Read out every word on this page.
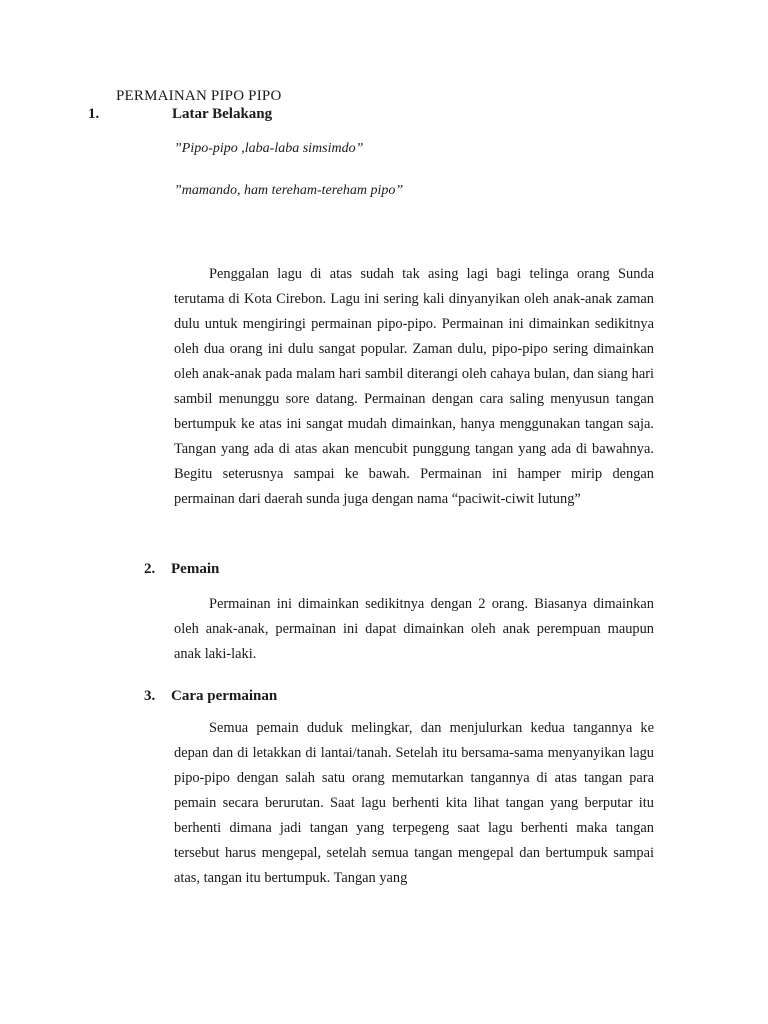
PERMAINAN PIPO PIPO
1.	Latar Belakang
”Pipo-pipo ,laba-laba simsimdo”
”mamando, ham tereham-tereham pipo”

Penggalan lagu di atas sudah tak asing lagi bagi telinga orang Sunda terutama di Kota Cirebon. Lagu ini sering kali dinyanyikan oleh anak-anak zaman dulu untuk mengiringi permainan pipo-pipo. Permainan ini dimainkan sedikitnya oleh dua orang ini dulu sangat popular. Zaman dulu, pipo-pipo sering dimainkan oleh anak-anak pada malam hari sambil diterangi oleh cahaya bulan, dan siang hari sambil menunggu sore datang. Permainan dengan cara saling menyusun tangan bertumpuk ke atas ini sangat mudah dimainkan, hanya menggunakan tangan saja. Tangan yang ada di atas akan mencubit punggung tangan yang ada di bawahnya. Begitu seterusnya sampai ke bawah. Permainan ini hamper mirip dengan permainan dari daerah sunda juga dengan nama “paciwit-ciwit lutung”

2. Pemain

Permainan ini dimainkan sedikitnya dengan 2 orang. Biasanya dimainkan oleh anak-anak, permainan ini dapat dimainkan oleh anak perempuan maupun anak laki-laki.

3. Cara permainan

Semua pemain duduk melingkar, dan menjulurkan kedua tangannya ke depan dan di letakkan di lantai/tanah. Setelah itu bersama-sama menyanyikan lagu pipo-pipo dengan salah satu orang memutarkan tangannya di atas tangan para pemain secara berurutan. Saat lagu berhenti kita lihat tangan yang berputar itu berhenti dimana jadi tangan yang terpegeng saat lagu berhenti maka tangan tersebut harus mengepal, setelah semua tangan mengepal dan bertumpuk sampai atas, tangan itu bertumpuk. Tangan yang
